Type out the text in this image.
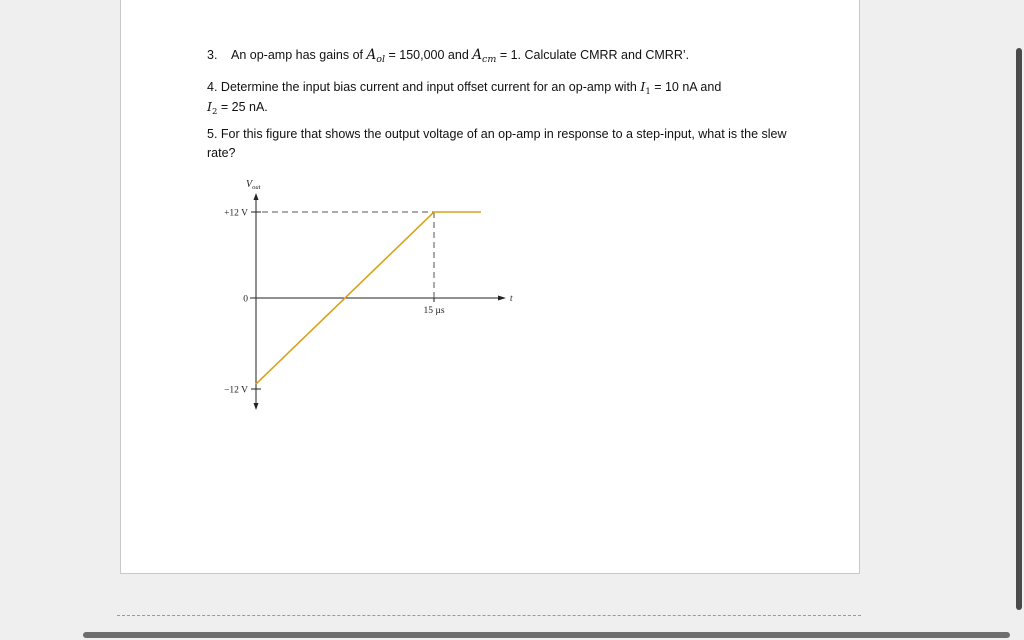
3. An op-amp has gains of $A_{ol} = 150,000$ and $A_{cm} = 1$. Calculate CMRR and CMRR’.
4. Determine the input bias current and input offset current for an op-amp with $I_1 = 10$ nA and
$I_2 = 25$ nA.
5. For this figure that shows the output voltage of an op-amp in response to a step-input, what is the slew rate?
+12 V
0
−12 V
15 µs
$V_{out}$
t
